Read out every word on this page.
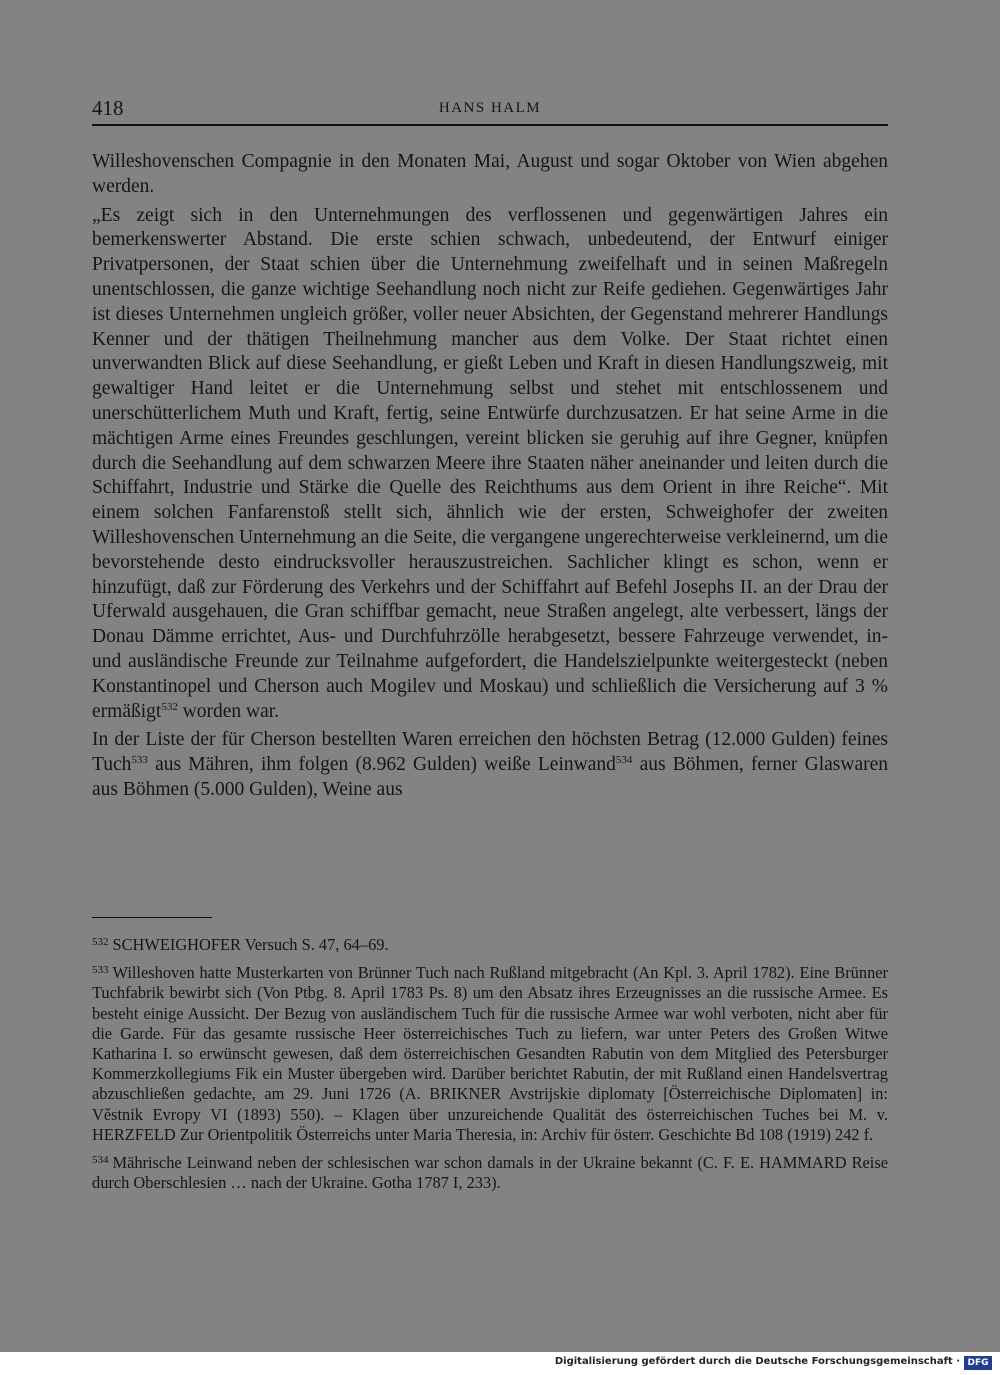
418	HANS HALM

Willeshovenschen Compagnie in den Monaten Mai, August und sogar Oktober von Wien abgehen werden.

„Es zeigt sich in den Unternehmungen des verflossenen und gegenwärtigen Jahres ein bemerkenswerter Abstand. Die erste schien schwach, unbedeutend, der Entwurf einiger Privatpersonen, der Staat schien über die Unternehmung zweifelhaft und in seinen Maßregeln unentschlossen, die ganze wichtige Seehandlung noch nicht zur Reife gediehen. Gegenwärtiges Jahr ist dieses Unternehmen ungleich größer, voller neuer Absichten, der Gegenstand mehrerer Handlungs Kenner und der thätigen Theilnehmung mancher aus dem Volke. Der Staat richtet einen unverwandten Blick auf diese Seehandlung, er gießt Leben und Kraft in diesen Handlungszweig, mit gewaltiger Hand leitet er die Unternehmung selbst und stehet mit entschlossenem und unerschütterlichem Muth und Kraft, fertig, seine Entwürfe durchzusatzen. Er hat seine Arme in die mächtigen Arme eines Freundes geschlungen, vereint blicken sie geruhig auf ihre Gegner, knüpfen durch die Seehandlung auf dem schwarzen Meere ihre Staaten näher aneinander und leiten durch die Schiffahrt, Industrie und Stärke die Quelle des Reichthums aus dem Orient in ihre Reiche“. Mit einem solchen Fanfarenstoß stellt sich, ähnlich wie der ersten, Schweighofer der zweiten Willeshovenschen Unternehmung an die Seite, die vergangene ungerechterweise verkleinernd, um die bevorstehende desto eindrucksvoller herauszustreichen. Sachlicher klingt es schon, wenn er hinzufügt, daß zur Förderung des Verkehrs und der Schiffahrt auf Befehl Josephs II. an der Drau der Uferwald ausgehauen, die Gran schiffbar gemacht, neue Straßen angelegt, alte verbessert, längs der Donau Dämme errichtet, Aus- und Durchfuhrzölle herabgesetzt, bessere Fahrzeuge verwendet, in- und ausländische Freunde zur Teilnahme aufgefordert, die Handelszielpunkte weitergesteckt (neben Konstantinopel und Cherson auch Mogilev und Moskau) und schließlich die Versicherung auf 3 % ermäßigt$^{532}$ worden war.

In der Liste der für Cherson bestellten Waren erreichen den höchsten Betrag (12.000 Gulden) feines Tuch$^{533}$ aus Mähren, ihm folgen (8.962 Gulden) weiße Leinwand$^{534}$ aus Böhmen, ferner Glaswaren aus Böhmen (5.000 Gulden), Weine aus

$^{532}$ SCHWEIGHOFER Versuch S. 47, 64–69.

$^{533}$ Willeshoven hatte Musterkarten von Brünner Tuch nach Rußland mitgebracht (An Kpl. 3. April 1782). Eine Brünner Tuchfabrik bewirbt sich (Von Ptbg. 8. April 1783 Ps. 8) um den Absatz ihres Erzeugnisses an die russische Armee. Es besteht einige Aussicht. Der Bezug von ausländischem Tuch für die russische Armee war wohl verboten, nicht aber für die Garde. Für das gesamte russische Heer österreichisches Tuch zu liefern, war unter Peters des Großen Witwe Katharina I. so erwünscht gewesen, daß dem österreichischen Gesandten Rabutin von dem Mitglied des Petersburger Kommerzkollegiums Fik ein Muster übergeben wird. Darüber berichtet Rabutin, der mit Rußland einen Handelsvertrag abzuschließen gedachte, am 29. Juni 1726 (A. BRIKNER Avstrijskie diplomaty [Österreichische Diplomaten] in: Věstnik Evropy VI (1893) 550). – Klagen über unzureichende Qualität des österreichischen Tuches bei M. v. HERZFELD Zur Orientpolitik Österreichs unter Maria Theresia, in: Archiv für österr. Geschichte Bd 108 (1919) 242 f.

$^{534}$ Mährische Leinwand neben der schlesischen war schon damals in der Ukraine bekannt (C. F. E. HAMMARD Reise durch Oberschlesien … nach der Ukraine. Gotha 1787 I, 233).

Digitalisierung gefördert durch die Deutsche Forschungsgemeinschaft · DFG
